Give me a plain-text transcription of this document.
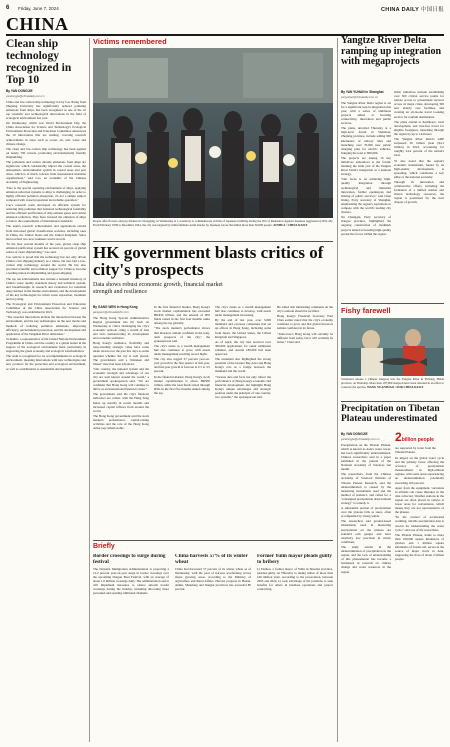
6 Friday, June 7, 2024	CHINA DAILY 中国日报
CHINA
Clean ship technology recognized in Top 10
By YAN DONGJIE
yandongjie@chinadaily.com.cn

China and low-carbon ship technology led by Cao Xiang from Zhejiang University has significantly reduced polluting emissions from ships, has been recognized as one of the 10 top scientific and technological innovations in the field of ecological environment last year.

On Wednesday, which was World Environment Day, the China Association for Science and Technology's Ecological Environment Protection and Education Committee announced the 10 innovations that are leading, covering research achievements in areas such as ocean, air, soil, water and climate change.

The clean and low-carbon ship technology has been applied on nearly 700 vessels, promoting environmentally friendly shipbuilding.

The pollutants and carbon dioxide emissions from ships are significant, which considerably impact the coastal areas, the atmospheric environmental system in coastal areas and port cities, which is of much concern from international maritime organizations," said Cao, an academic of the Chinese Academy of Engineering.

"Due to the special operating environment of ships, applying emission reduction systems to ships is challenging. In order to highly efficient pollution absorption, it's not a simple subject compared with vessel propulsion and reliable operation."

Cao's research team developed an efficient system for reducing ship pollution that balanced technological feasibility and the efficient purification of ship exhaust gases and carbon emission reduction. They have lowered the emission of ships to below the requirements of international standards.

The team's research achievements and applications extend from mid-sized global classification societies, including ones in China, the United States and the United Kingdom. Since had received two new Guinness world records.

"In the later several months of the year, global clean ship emission purification system has secured six percent of global orders of clean shipbuilding," Cao said.

Cao said he is proud that the technology has not only driven China's own shipping industry as a whole, but also laid a low-carbon ship technology around the world. He has also provided scientific and technical support for China to become a leading nation in shipbuilding and green shipping.

The top ten achievements also include a national inventory of China's water quality standards theory and technical system, and breakthroughs in research and evaluation for intestinal drug residues in the marine environment, and the development of the key technologies for urban waste separation, treatment and recycling.

The Ecological and Environment Protection and Education Committee of the China Association for Science and Technology was established in 2021.

"The awarded innovations include the interaction between the environment, and the key technologies on the new modes and methods of reducing pollution emissions, improving efficiency, environmental protection, and the development and application of the Tangshan River utilization."

To Rathic, a representative of the United Nations Environment Programme in China, said the country is a global leader in the support of the ecological environment field, particularly in supporting the green economy and ecological transformation.

The team is recognized for its accomplishments in ecological environment, meaning innovations with new technologies and new products for the protection and ecological environment, as well as contributions to sustainable development.

Victims remembered
People offer flowers and pay tributes in Chongqing on Wednesday at a ceremony to commemorate victims of Japanese bombing during the War of Resistance Against Japanese Aggression (1931-45). From February 1938 to December 1944, the city was targeted by indiscriminate aerial attacks by Japanese forces that killed more than 30,000 people. XINHUA / CHINA DAILY
HK government blasts critics of city's prospects
Data shows robust economic growth, financial market strength and resilience
By GANG WEN in Hong Kong
gangwen@chinadailyhk.com

The Hong Kong Special Administrative Region government has hit back on Wednesday at critics challenging the city's economic outlook, citing a wealth of data and facts demonstrating its development and economic resilience.

Hong Kong's resilience, flexibility and long-standing strategic value have come under attack over the past few days as some question whether the city is well placed. The government said a 'mistaken and biased' view had been advanced.

"Our country, the national system and the economic strength and advantage of our city are well known around the world," a government spokesperson said. "We are confident that Hong Kong will continue to thrive as an international financial center."

The government said the city's financial indicators are robust, with the Hang Seng Index up notably in recent months and increased capital inflows from around the world.

The Hong Kong government said the stock market's performance, capital-raising activities and the role of the Hong Kong dollar peg remain stable.

In the first financial market, Hong Kong's stock market capitalization has exceeded HK$50 trillion, and the amount of IPO funds raised in the first four months ranks among the top globally.

"The stock market's performance shows that investors remain confident in the long-term prospects of the city," the spokesperson said.

The city's status as a wealth management hub also continues to grow, with assets under management reaching record highs.

The city also logged 27 percent year-on-year growth in the first quarter of this year, and full-year growth is forecast at 2.5 to 3.5 percent.

In the financial market, Hong Kong's stock market capitalization is above HK$30 trillion, while the total funds raised through IPOs in the first five months ranked among the top.

The city's status as a wealth management hub also continues to develop, with assets under management increasing.

By the end of last year, over 3,000 mainland and overseas companies had set up offices in Hong Kong, including some from Japan, the United States, the United Kingdom and Singapore.

As of April, the city had received over 300,000 applications for talent admission schemes, and around 180,000 had been approved.

The statement also highlighted the strong potential of the Greater Bay Area and Hong Kong's role as a bridge between the mainland and the world.

"Various data and facts not only reflect the performance of Hong Kong's economic and financial development, but highlight Hong Kong's unique advantages and strategic position under the principle of 'one country, two systems'," the spokesperson said.

He added that misleading comments on the city's outlook should be rectified.

Hong Kong's Financial Secretary Paul Chan earlier noted that the city's economy continues to grow and that global investors remain confident in its future.

"Tomorrow's Hong Kong will certainly be different from today, but it will certainly be better," Chan said.

Briefly
Border crossings to surge during festival
The National Immigration Administration is projecting a 12.2 percent year-on-year surge in border crossings over the upcoming Dragon Boat Festival, with an average of about 1.6 million crossings daily. The administration said it will implement measures to ensure smooth border crossings during the holiday, including allocating more personnel and opening additional channels.
China harvests 57% of its winter wheat
China had harvested 57 percent of its winter wheat as of Wednesday, with the pace of harvest accelerating across major growing areas, according to the Ministry of Agriculture and Rural Affairs. Harvest progress in Henan, Anhui, Shandong and Jiangsu provinces has exceeded 80 percent.
Former Yulin mayor pleads guilty to bribery
Li Fuzhou, a former mayor of Yulin in Shaanxi province, pleaded guilty on Thursday to taking bribes of more than 160 million yuan. According to the prosecution, between 2003 and 2022, Li took advantage of his positions to seek benefits for others in business operations and project contracting.
Yangtze River Delta ramping up integration with megaprojects
By YAN YUHAN in Shanghai
yanyuhan@chinadaily.com.cn

The Yangtze River Delta region is set for a significant leap in integration this year, with a series of ambitious projects aimed at boosting connectivity, innovation and public services.

The plans, unveiled Thursday at a high-level forum in Wenzhou, Zhejiang province, include adding 900 kilometers of railway lines and launching over 70,000 new public charging piles for electric vehicles, bringing the total to 800,000.

The projects are among 16 key initiatives announced at the forum, marking the sixth year of the Yangtze River Delta's integration as a national strategy.

"Our focus is on achieving high-quality integration through technological and industrial innovation, further opening-up and sharing of public services," said Chen Jining, Party secretary of Shanghai, emphasizing the region's aspirations to compete with the world's leading city clusters.

Xu Changqiu, Party secretary of Jiangsu province, highlighted the ongoing construction of landmark projects aimed at boosting high-quality productive forces within the region.

Other initiatives include establishing over 300 critical service points for remote access to government services across 41 major cities, developing 300 new elderly care facilities, and creating an all-in-one travel booking service for tourism destinations.

The plans extend to healthcare, rural development, and visa-free travel for eligible foreigners, launching through the region by up to 144 hours.

The Yangtze River Delta's GDP surpassed 30 trillion yuan ($4.1 trillion) in 2023, accounting for roughly 24.4 percent of the nation's total.

Yi also noted that the region's economic momentum, fueled by its high-quality development, is spreading, which constitutes a key pillar of the national economy.

Through its innovation and collaborative efforts, including the formation of a unified market and shared technology resources, the region is positioned for the next chapter of growth.

Fishy farewell
Volunteers release a Chinese sturgeon into the Yangtze River in Yichang, Hubei province, on Thursday. More than 187,000 sturgeon have been released in an effort to conserve the species. WANG YUANMIAO / FOR CHINA DAILY
Precipitation on Tibetan Plateau underestimated
By YAN DONGJIE
yandongjie@chinadaily.com.cn

Precipitation on the Tibetan Plateau, which is known as Asia's water tower, has been significantly underestimated, Chinese researchers said in a paper published in the journal of the National Academy of Sciences last month.

The researchers, from the Chinese Academy of Sciences' Institute of Tibetan Plateau Research, said the underestimation is caused by the measuring instruments used and the method of statistics, and called for a "redesigned precipitation observational strategy" to remedy it.

A substantial portion of precipitation over the plateau falls as snow, often accompanied by strong winds.

The researchers said ground-based instruments used in measuring precipitation on the plateau are standard rain gauges and have relatively low precision in windy conditions.

The study results in the underestimation of precipitation in the region, and the lack of understanding of this phenomenon has become a bottleneck in research on climate change and water resources in the region.

2billion people
are supported by water from the Tibetan Plateau.

Its impact on the global water cycle and the primary factor affecting the accuracy of precipitation measurements in high-altitude regions, with some areas experiencing an underestimation potentially exceeding 100 percent.

Apart from the equipment, variations in altitude can cause mistakes in the data collected. Weather stations in the region are often placed in valleys at lower areas for convenience, which means they are not representative of the plateau.

"In the context of accelerated warming, reliable precipitation data is crucial for understanding the water cycle," said one of the researchers.

The Tibetan Plateau, home to more than 100,000 square kilometers of glaciers and 1 million square kilometers of frozen soil, serves as the source of major rivers in Asia, supporting the lives of about 2 billion people.
